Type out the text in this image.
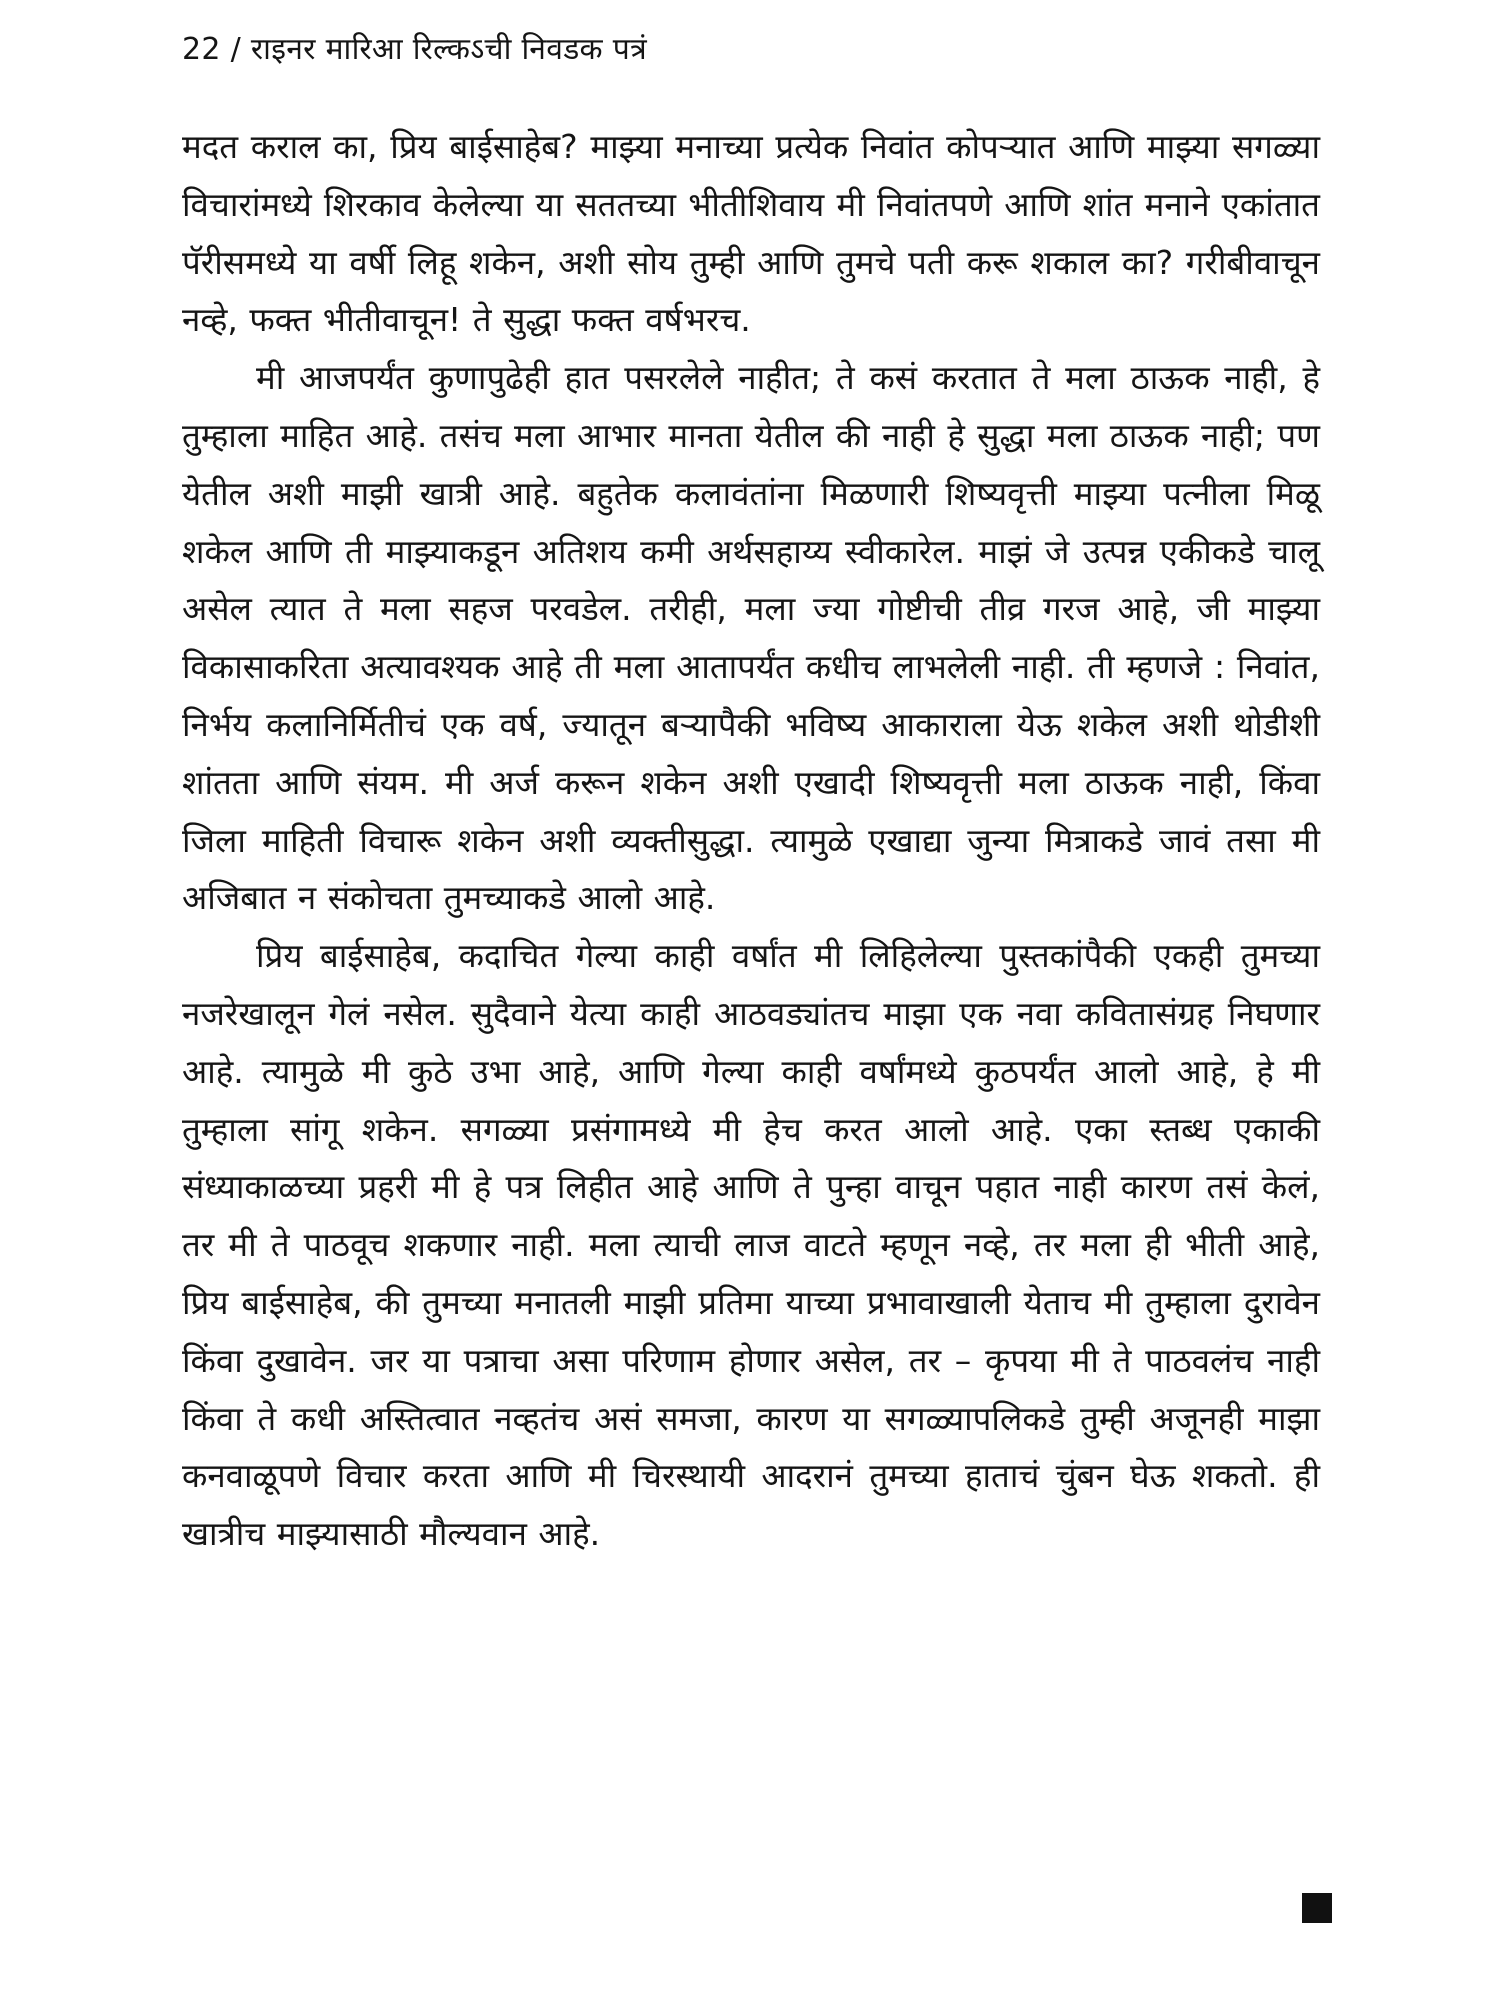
22 / राइनर मारिआ रिल्कऽची निवडक पत्रं

मदत कराल का, प्रिय बाईसाहेब? माझ्या मनाच्या प्रत्येक निवांत कोपऱ्यात आणि माझ्या सगळ्या विचारांमध्ये शिरकाव केलेल्या या सततच्या भीतीशिवाय मी निवांतपणे आणि शांत मनाने एकांतात पॅरीसमध्ये या वर्षी लिहू शकेन, अशी सोय तुम्ही आणि तुमचे पती करू शकाल का? गरीबीवाचून नव्हे, फक्त भीतीवाचून! ते सुद्धा फक्त वर्षभरच.

मी आजपर्यंत कुणापुढेही हात पसरलेले नाहीत; ते कसं करतात ते मला ठाऊक नाही, हे तुम्हाला माहित आहे. तसंच मला आभार मानता येतील की नाही हे सुद्धा मला ठाऊक नाही; पण येतील अशी माझी खात्री आहे. बहुतेक कलावंतांना मिळणारी शिष्यवृत्ती माझ्या पत्नीला मिळू शकेल आणि ती माझ्याकडून अतिशय कमी अर्थसहाय्य स्वीकारेल. माझं जे उत्पन्न एकीकडे चालू असेल त्यात ते मला सहज परवडेल. तरीही, मला ज्या गोष्टीची तीव्र गरज आहे, जी माझ्या विकासाकरिता अत्यावश्यक आहे ती मला आतापर्यंत कधीच लाभलेली नाही. ती म्हणजे : निवांत, निर्भय कलानिर्मितीचं एक वर्ष, ज्यातून बऱ्यापैकी भविष्य आकाराला येऊ शकेल अशी थोडीशी शांतता आणि संयम. मी अर्ज करून शकेन अशी एखादी शिष्यवृत्ती मला ठाऊक नाही, किंवा जिला माहिती विचारू शकेन अशी व्यक्तीसुद्धा. त्यामुळे एखाद्या जुन्या मित्राकडे जावं तसा मी अजिबात न संकोचता तुमच्याकडे आलो आहे.

प्रिय बाईसाहेब, कदाचित गेल्या काही वर्षांत मी लिहिलेल्या पुस्तकांपैकी एकही तुमच्या नजरेखालून गेलं नसेल. सुदैवाने येत्या काही आठवड्यांतच माझा एक नवा कवितासंग्रह निघणार आहे. त्यामुळे मी कुठे उभा आहे, आणि गेल्या काही वर्षांमध्ये कुठपर्यंत आलो आहे, हे मी तुम्हाला सांगू शकेन. सगळ्या प्रसंगामध्ये मी हेच करत आलो आहे. एका स्तब्ध एकाकी संध्याकाळच्या प्रहरी मी हे पत्र लिहीत आहे आणि ते पुन्हा वाचून पहात नाही कारण तसं केलं, तर मी ते पाठवूच शकणार नाही. मला त्याची लाज वाटते म्हणून नव्हे, तर मला ही भीती आहे, प्रिय बाईसाहेब, की तुमच्या मनातली माझी प्रतिमा याच्या प्रभावाखाली येताच मी तुम्हाला दुरावेन किंवा दुखावेन. जर या पत्राचा असा परिणाम होणार असेल, तर – कृपया मी ते पाठवलंच नाही किंवा ते कधी अस्तित्वात नव्हतंच असं समजा, कारण या सगळ्यापलिकडे तुम्ही अजूनही माझा कनवाळूपणे विचार करता आणि मी चिरस्थायी आदरानं तुमच्या हाताचं चुंबन घेऊ शकतो. ही खात्रीच माझ्यासाठी मौल्यवान आहे.
